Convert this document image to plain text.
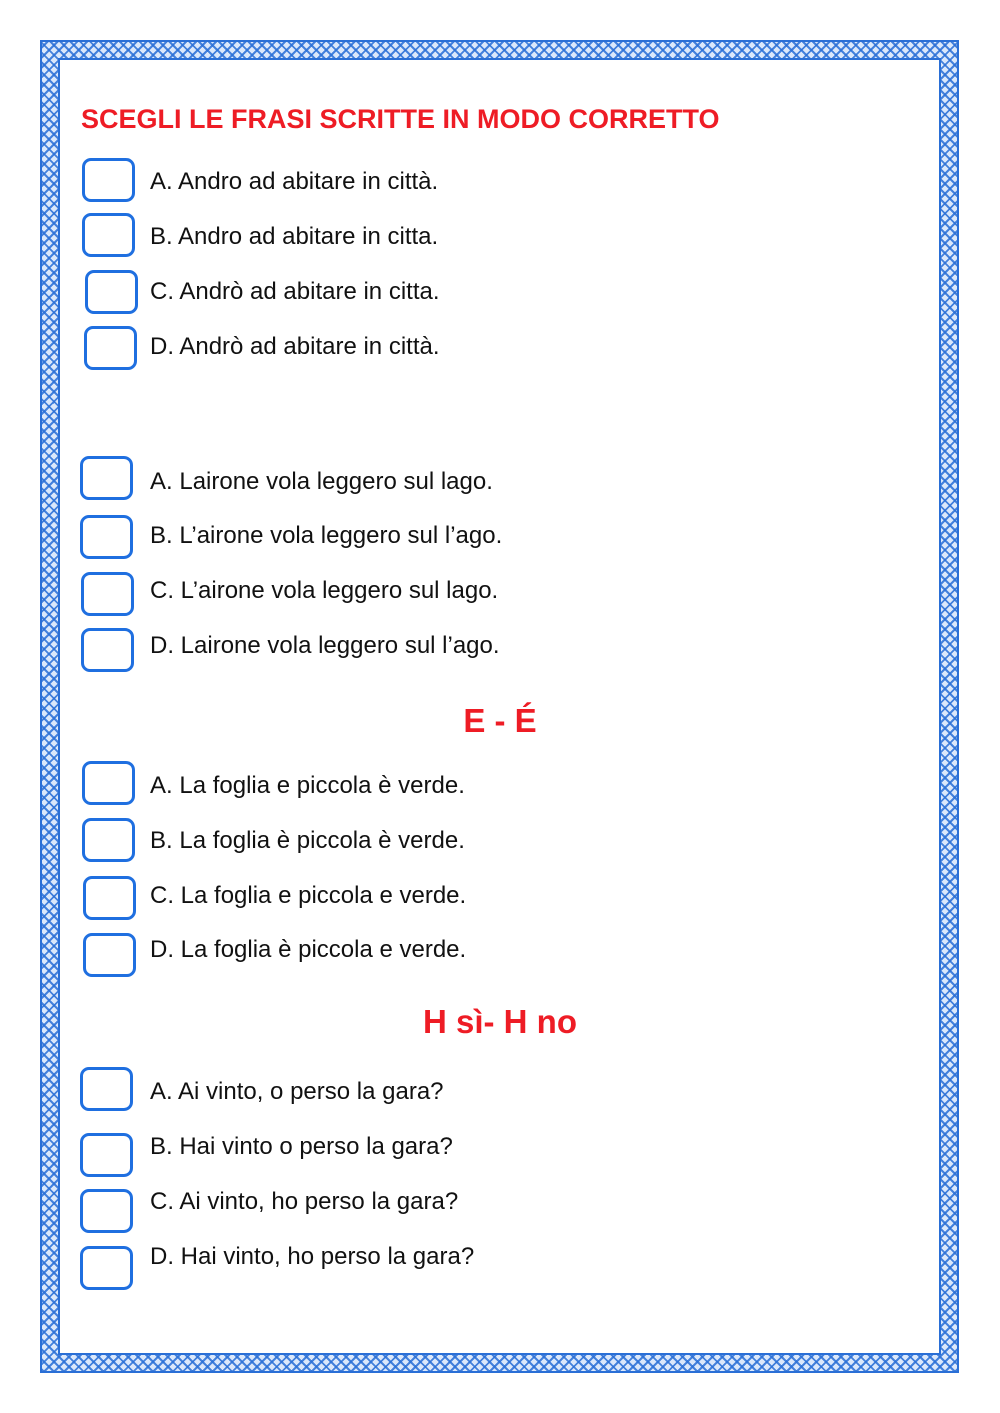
SCEGLI LE FRASI SCRITTE IN MODO CORRETTO
A. Andro ad abitare in città.
B. Andro ad abitare in citta.
C. Andrò ad abitare in citta.
D. Andrò ad abitare in città.
A. Lairone vola leggero sul lago.
B. L’airone vola leggero sul l’ago.
C. L’airone vola leggero sul lago.
D. Lairone vola leggero sul l’ago.
E - É
A. La foglia e piccola è verde.
B. La foglia è piccola è verde.
C. La foglia e piccola e verde.
D. La foglia è piccola e verde.
H sì- H no
A. Ai vinto, o perso la gara?
B. Hai vinto o perso la gara?
C. Ai vinto, ho perso la gara?
D. Hai vinto, ho perso la gara?
